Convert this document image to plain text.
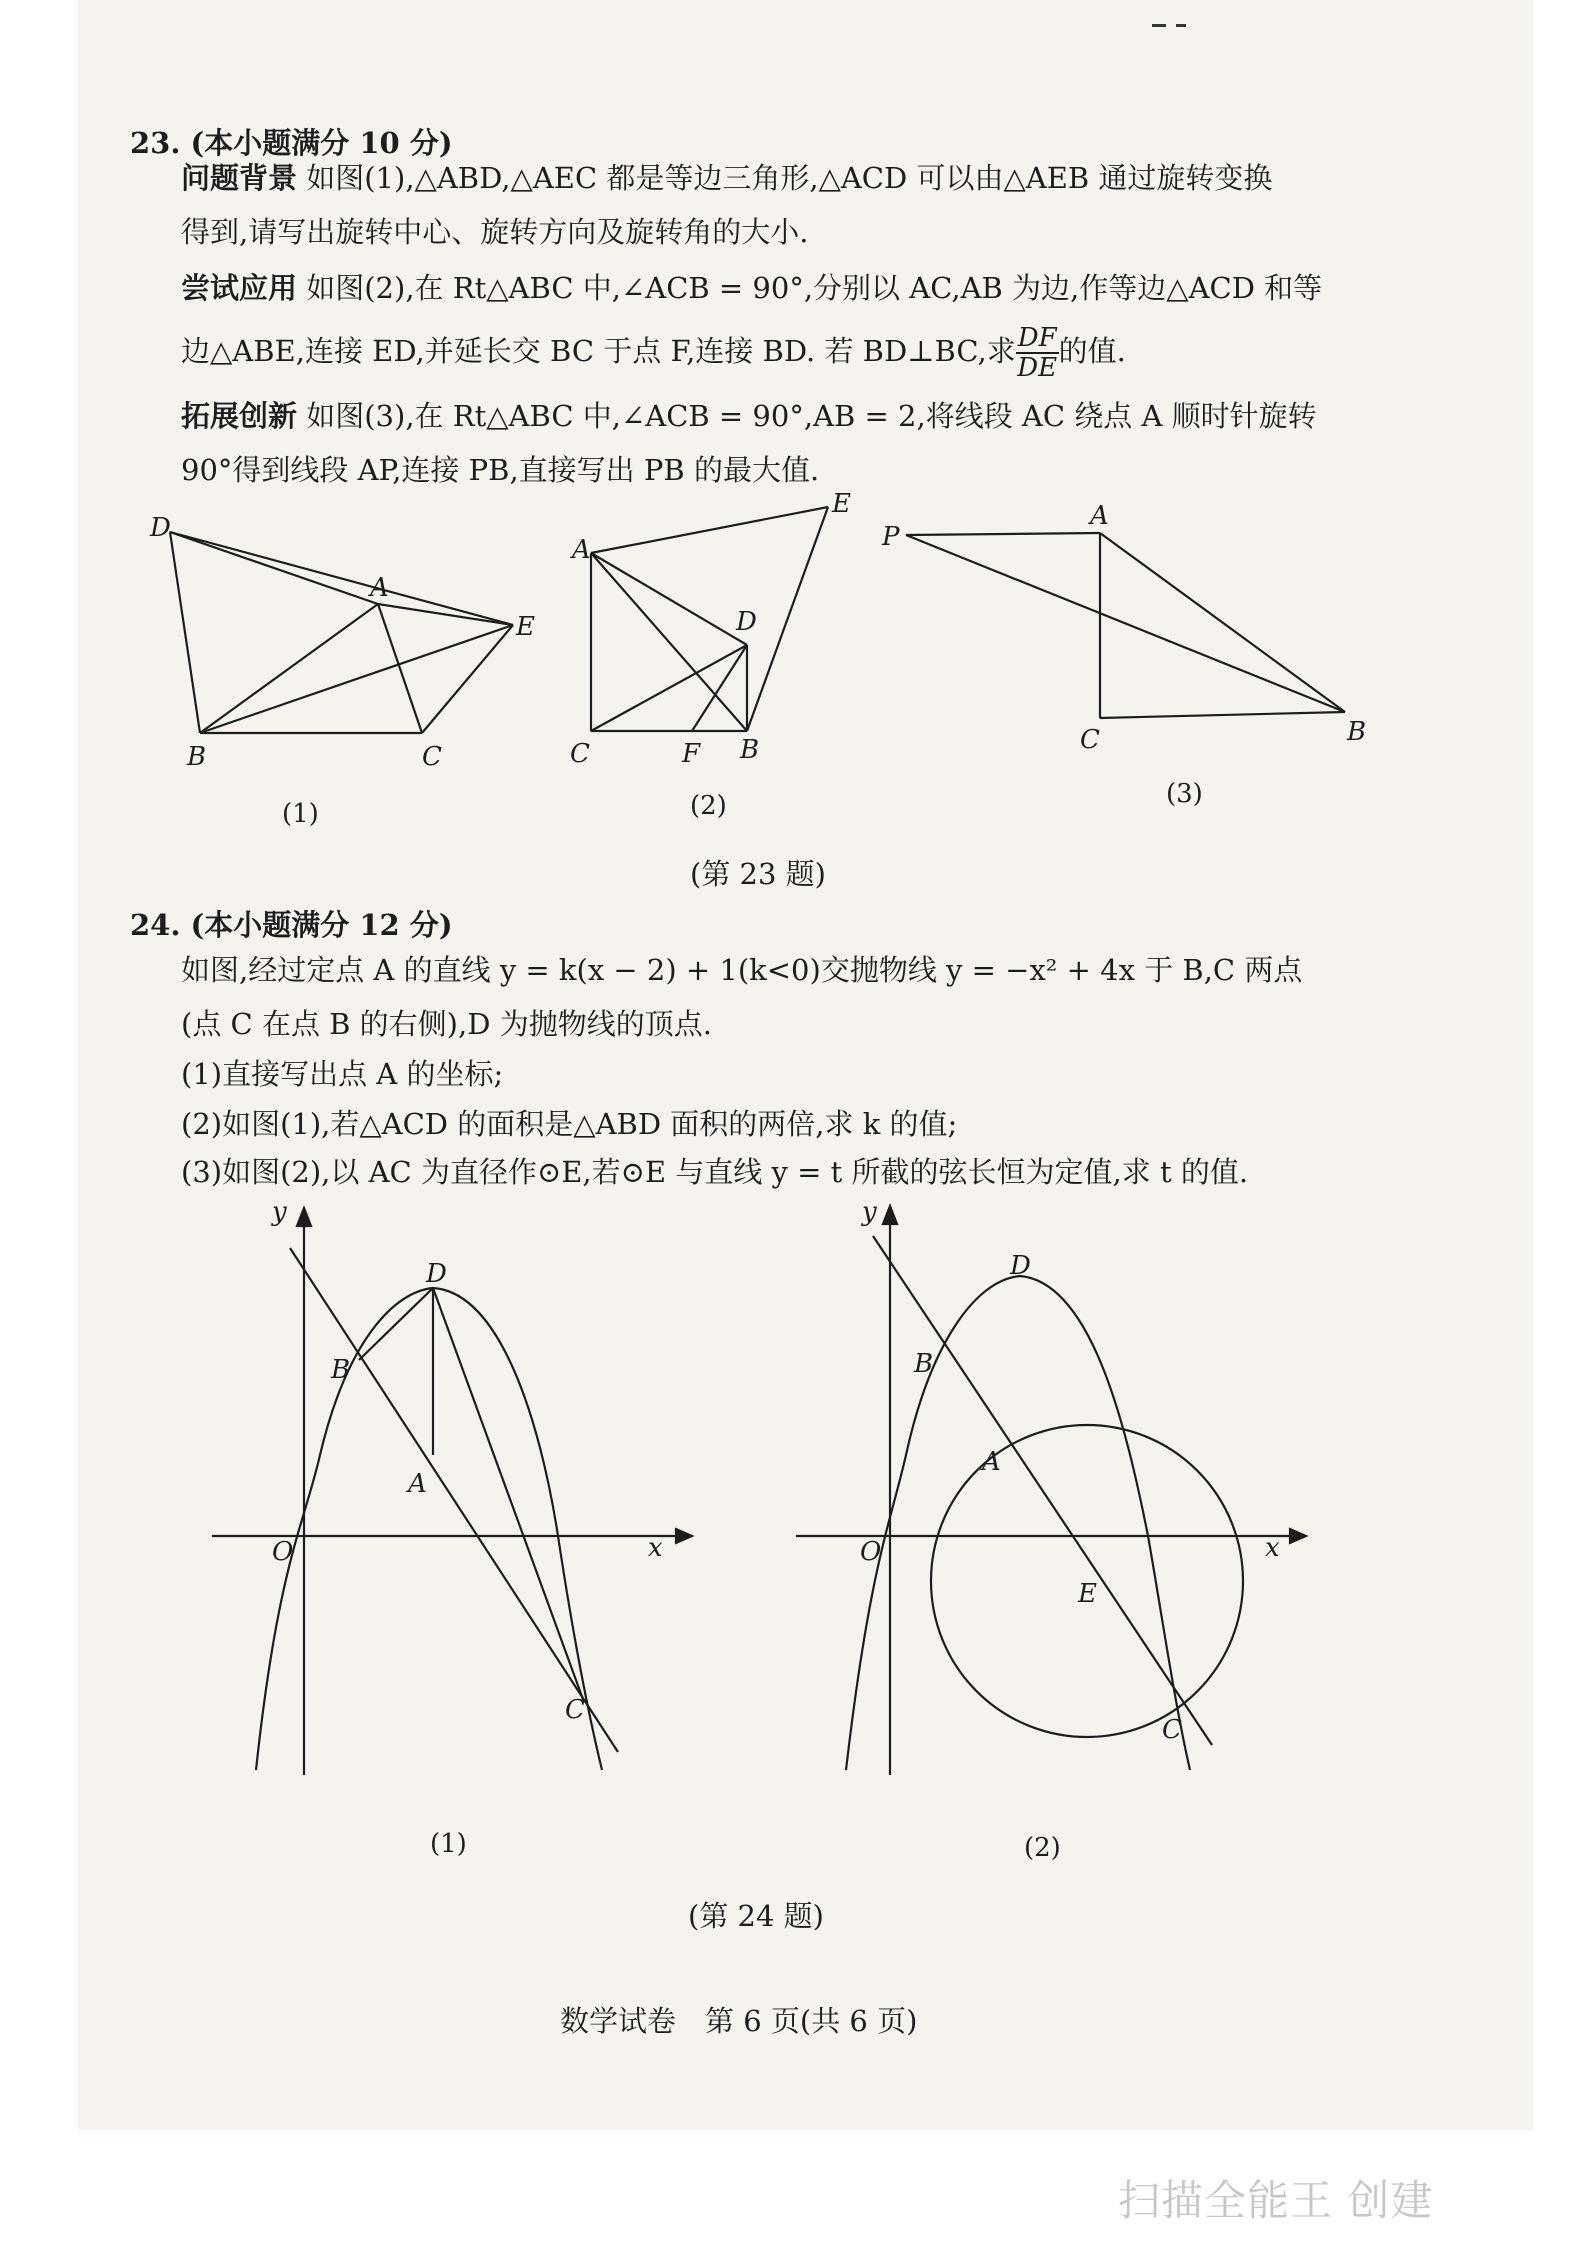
23. (本小题满分 10 分)
问题背景 如图(1),△ABD,△AEC 都是等边三角形,△ACD 可以由△AEB 通过旋转变换
得到,请写出旋转中心、旋转方向及旋转角的大小.
尝试应用 如图(2),在 Rt△ABC 中,∠ACB = 90°,分别以 AC,AB 为边,作等边△ACD 和等
边△ABE,连接 ED,并延长交 BC 于点 F,连接 BD. 若 BD⊥BC,求 $\frac{DF}{DE}$ 的值.
拓展创新 如图(3),在 Rt△ABC 中,∠ACB = 90°,AB = 2,将线段 AC 绕点 A 顺时针旋转
90°得到线段 AP,连接 PB,直接写出 PB 的最大值.
D
A
E
B	C
(1)
A
E
D
C	F B
(2)
P
A
C	B
(3)
(第 23 题)
24. (本小题满分 12 分)
如图,经过定点 A 的直线 y = k(x − 2) + 1(k<0)交抛物线 y = −x² + 4x 于 B,C 两点
(点 C 在点 B 的右侧),D 为抛物线的顶点.
(1)直接写出点 A 的坐标;
(2)如图(1),若△ACD 的面积是△ABD 面积的两倍,求 k 的值;
(3)如图(2),以 AC 为直径作⊙E,若⊙E 与直线 y = t 所截的弦长恒为定值,求 t 的值.
y
x
O
D
B
A
C
(1)
y
x
O
D
B
A
E
C
(2)
(第 24 题)
数学试卷　第 6 页(共 6 页)
扫描全能王 创建
